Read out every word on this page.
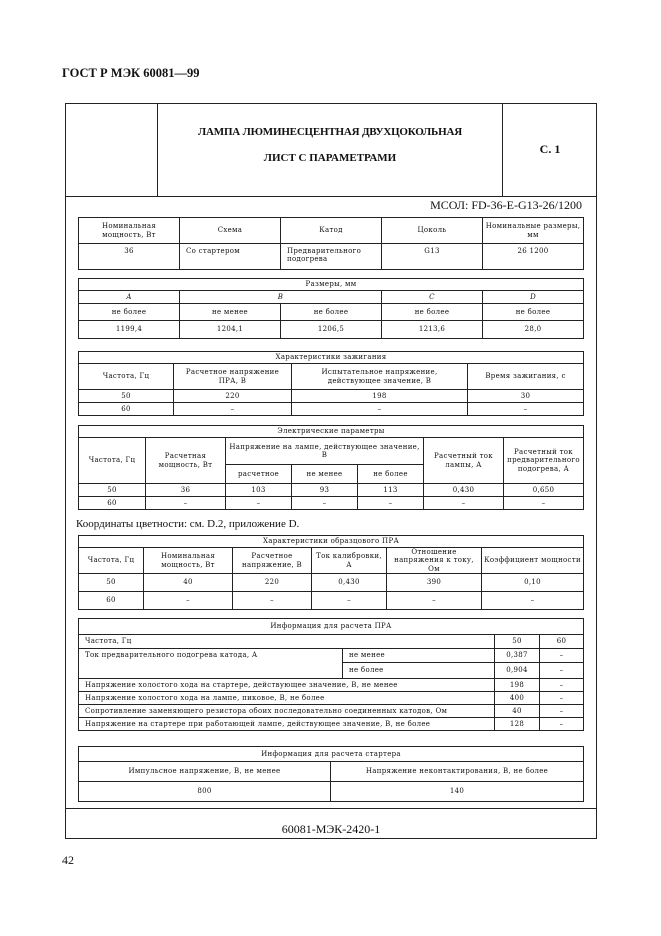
ГОСТ Р МЭК 60081—99
ЛАМПА ЛЮМИНЕСЦЕНТНАЯ ДВУХЦОКОЛЬНАЯ
ЛИСТ С ПАРАМЕТРАМИ
С. 1
МСОЛ: FD-36-E-G13-26/1200
Номинальная мощность, Вт	Схема	Катод	Цоколь	Номинальные размеры, мм
36	Со стартером	Предварительного подогрева	G13	26 1200
Размеры, мм				
A	B		C	D
не более	не менее	не более	не более	не более
1199,4	1204,1	1206,5	1213,6	28,0
Характеристики зажигания			
Частота, Гц	Расчетное напряжение ПРА, В	Испытательное напряжение, действующее значение, В	Время зажигания, с
50	220	198	30
60	–	–	–
Электрические параметры						
Частота, Гц	Расчетная мощность, Вт	Напряжение на лампе, действующее значение, В			Расчетный ток лампы, А	Расчетный ток предварительного подогрева, А
		расчетное	не менее	не более		
50	36	103	93	113	0,430	0,650
60	–	–	–	–	–	–
Координаты цветности: см. D.2, приложение D.
Характеристики образцового ПРА					
Частота, Гц	Номинальная мощность, Вт	Расчетное напряжение, В	Ток калибровки, А	Отношение напряжения к току, Ом	Коэффициент мощности
50	40	220	0,430	390	0,10
60	–	–	–	–	–
Информация для расчета ПРА			
Частота, Гц		50	60
Ток предварительного подогрева катода, А	не менее	0,387	–
	не более	0,904	–
Напряжение холостого хода на стартере, действующее значение, В, не менее		198	–
Напряжение холостого хода на лампе, пиковое, В, не более		400	–
Сопротивление заменяющего резистора обоих последовательно соединенных катодов, Ом		40	–
Напряжение на стартере при работающей лампе, действующее значение, В, не более		128	–
Информация для расчета стартера	
Импульсное напряжение, В, не менее	Напряжение неконтактирования, В, не более
800	140
60081-МЭК-2420-1
42
